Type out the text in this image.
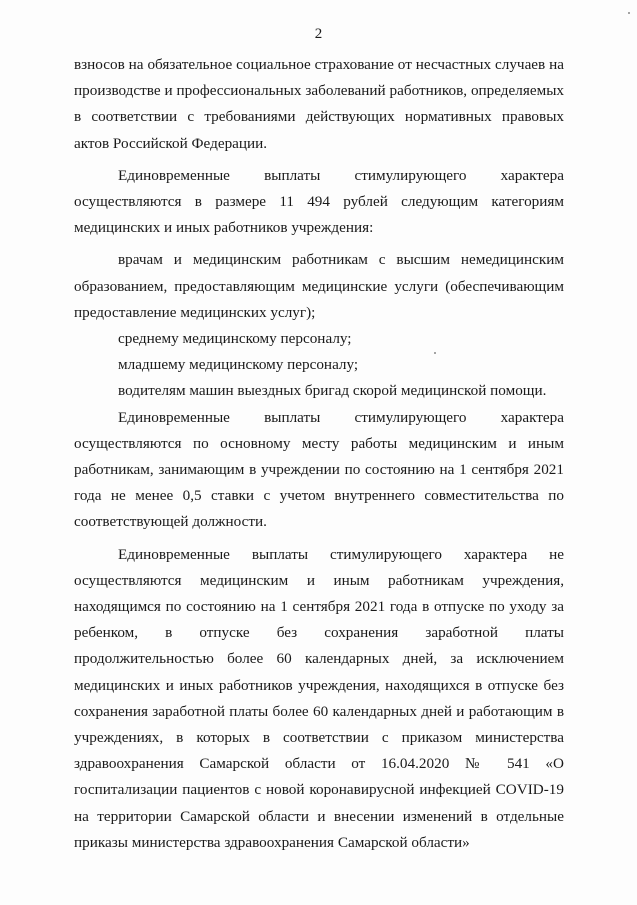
2

взносов на обязательное социальное страхование от несчастных случаев на производстве и профессиональных заболеваний работников, определяемых в соответствии с требованиями действующих нормативных правовых актов Российской Федерации.

Единовременные выплаты стимулирующего характера осуществляются в размере 11 494 рублей следующим категориям медицинских и иных работников учреждения:

врачам и медицинским работникам с высшим немедицинским образованием, предоставляющим медицинские услуги (обеспечивающим предоставление медицинских услуг);

среднему медицинскому персоналу;

младшему медицинскому персоналу;

водителям машин выездных бригад скорой медицинской помощи.

Единовременные выплаты стимулирующего характера осуществляются по основному месту работы медицинским и иным работникам, занимающим в учреждении по состоянию на 1 сентября 2021 года не менее 0,5 ставки с учетом внутреннего совместительства по соответствующей должности.

Единовременные выплаты стимулирующего характера не осуществляются медицинским и иным работникам учреждения, находящимся по состоянию на 1 сентября 2021 года в отпуске по уходу за ребенком, в отпуске без сохранения заработной платы продолжительностью более 60 календарных дней, за исключением медицинских и иных работников учреждения, находящихся в отпуске без сохранения заработной платы более 60 календарных дней и работающим в учреждениях, в которых в соответствии с приказом министерства здравоохранения Самарской области от 16.04.2020 № 541 «О госпитализации пациентов с новой коронавирусной инфекцией COVID-19 на территории Самарской области и внесении изменений в отдельные приказы министерства здравоохранения Самарской области»
